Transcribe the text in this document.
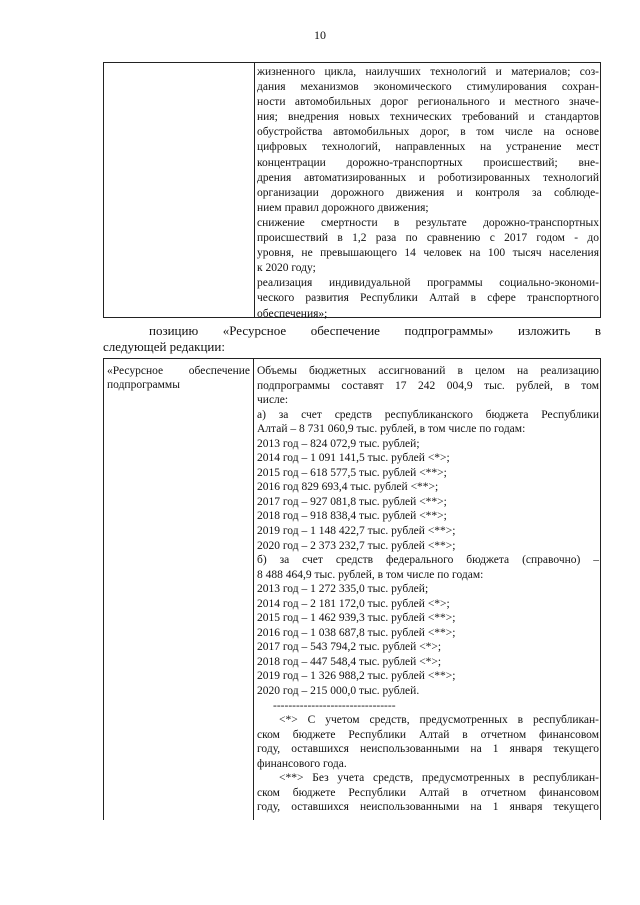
10
жизненного цикла, наилучших технологий и материалов; соз-
дания механизмов экономического стимулирования сохран-
ности автомобильных дорог регионального и местного значе-
ния; внедрения новых технических требований и стандартов
обустройства автомобильных дорог, в том числе на основе
цифровых технологий, направленных на устранение мест
концентрации дорожно-транспортных происшествий; вне-
дрения автоматизированных и роботизированных технологий
организации дорожного движения и контроля за соблюде-
нием правил дорожного движения;
снижение смертности в результате дорожно-транспортных
происшествий в 1,2 раза по сравнению с 2017 годом - до
уровня, не превышающего 14 человек на 100 тысяч населения
к 2020 году;
реализация индивидуальной программы социально-экономи-
ческого развития Республики Алтай в сфере транспортного
обеспечения»;
позицию «Ресурсное обеспечение подпрограммы» изложить в
следующей редакции:
«Ресурсное обеспечение
подпрограммы
Объемы бюджетных ассигнований в целом на реализацию
подпрограммы составят 17 242 004,9 тыс. рублей, в том
числе:
а) за счет средств республиканского бюджета Республики
Алтай – 8 731 060,9 тыс. рублей, в том числе по годам:
2013 год – 824 072,9 тыс. рублей;
2014 год – 1 091 141,5 тыс. рублей <*>;
2015 год – 618 577,5 тыс. рублей <**>;
2016 год 829 693,4 тыс. рублей <**>;
2017 год – 927 081,8 тыс. рублей <**>;
2018 год – 918 838,4 тыс. рублей <**>;
2019 год – 1 148 422,7 тыс. рублей <**>;
2020 год – 2 373 232,7 тыс. рублей <**>;
б) за счет средств федерального бюджета (справочно) –
8 488 464,9 тыс. рублей, в том числе по годам:
2013 год – 1 272 335,0 тыс. рублей;
2014 год – 2 181 172,0 тыс. рублей <*>;
2015 год – 1 462 939,3 тыс. рублей <**>;
2016 год – 1 038 687,8 тыс. рублей <**>;
2017 год – 543 794,2 тыс. рублей <*>;
2018 год – 447 548,4 тыс. рублей <*>;
2019 год – 1 326 988,2 тыс. рублей <**>;
2020 год – 215 000,0 тыс. рублей.
--------------------------------
<*> С учетом средств, предусмотренных в республикан-
ском бюджете Республики Алтай в отчетном финансовом
году, оставшихся неиспользованными на 1 января текущего
финансового года.
<**> Без учета средств, предусмотренных в республикан-
ском бюджете Республики Алтай в отчетном финансовом
году, оставшихся неиспользованными на 1 января текущего
